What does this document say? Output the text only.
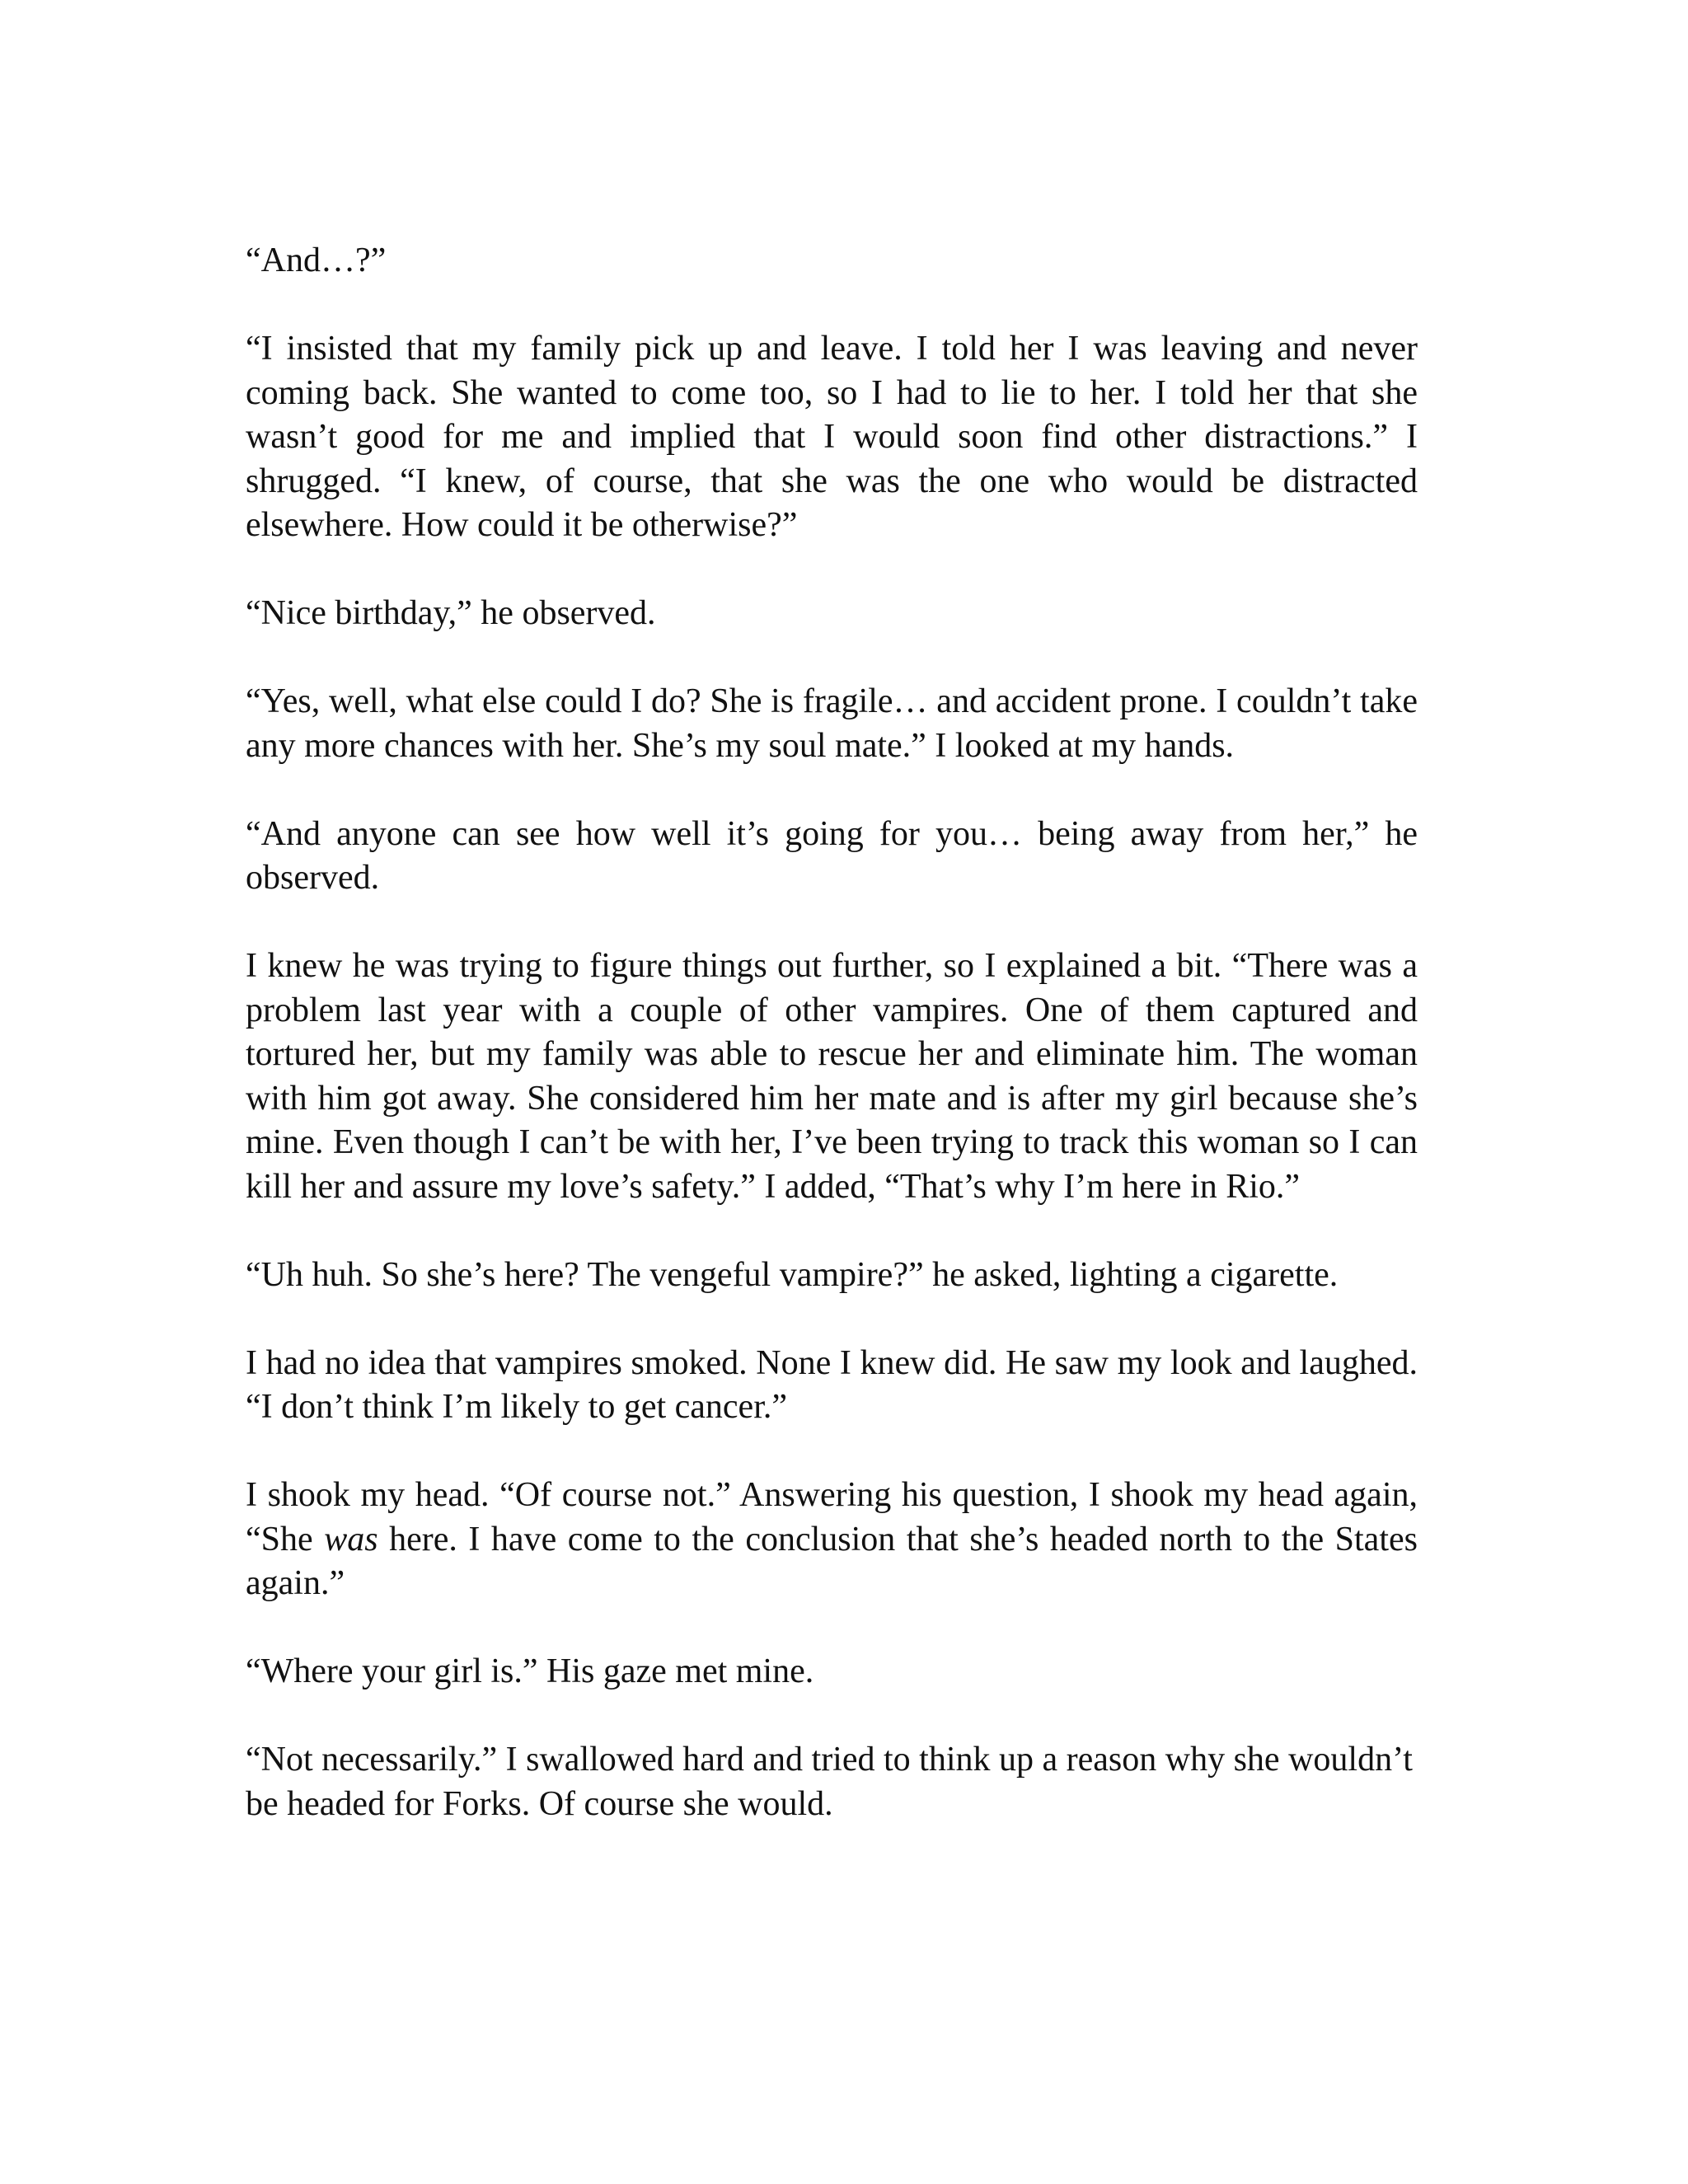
“And…?”

“I insisted that my family pick up and leave. I told her I was leaving and never coming back. She wanted to come too, so I had to lie to her. I told her that she wasn’t good for me and implied that I would soon find other distractions.” I shrugged. “I knew, of course, that she was the one who would be distracted elsewhere. How could it be otherwise?”

“Nice birthday,” he observed.

“Yes, well, what else could I do? She is fragile… and accident prone. I couldn’t take any more chances with her. She’s my soul mate.” I looked at my hands.

“And anyone can see how well it’s going for you… being away from her,” he observed.

I knew he was trying to figure things out further, so I explained a bit. “There was a problem last year with a couple of other vampires. One of them captured and tortured her, but my family was able to rescue her and eliminate him. The woman with him got away. She considered him her mate and is after my girl because she’s mine. Even though I can’t be with her, I’ve been trying to track this woman so I can kill her and assure my love’s safety.” I added, “That’s why I’m here in Rio.”

“Uh huh. So she’s here? The vengeful vampire?” he asked, lighting a cigarette.

I had no idea that vampires smoked. None I knew did. He saw my look and laughed. “I don’t think I’m likely to get cancer.”

I shook my head. “Of course not.” Answering his question, I shook my head again, “She was here. I have come to the conclusion that she’s headed north to the States again.”

“Where your girl is.” His gaze met mine.

“Not necessarily.” I swallowed hard and tried to think up a reason why she wouldn’t be headed for Forks. Of course she would.
